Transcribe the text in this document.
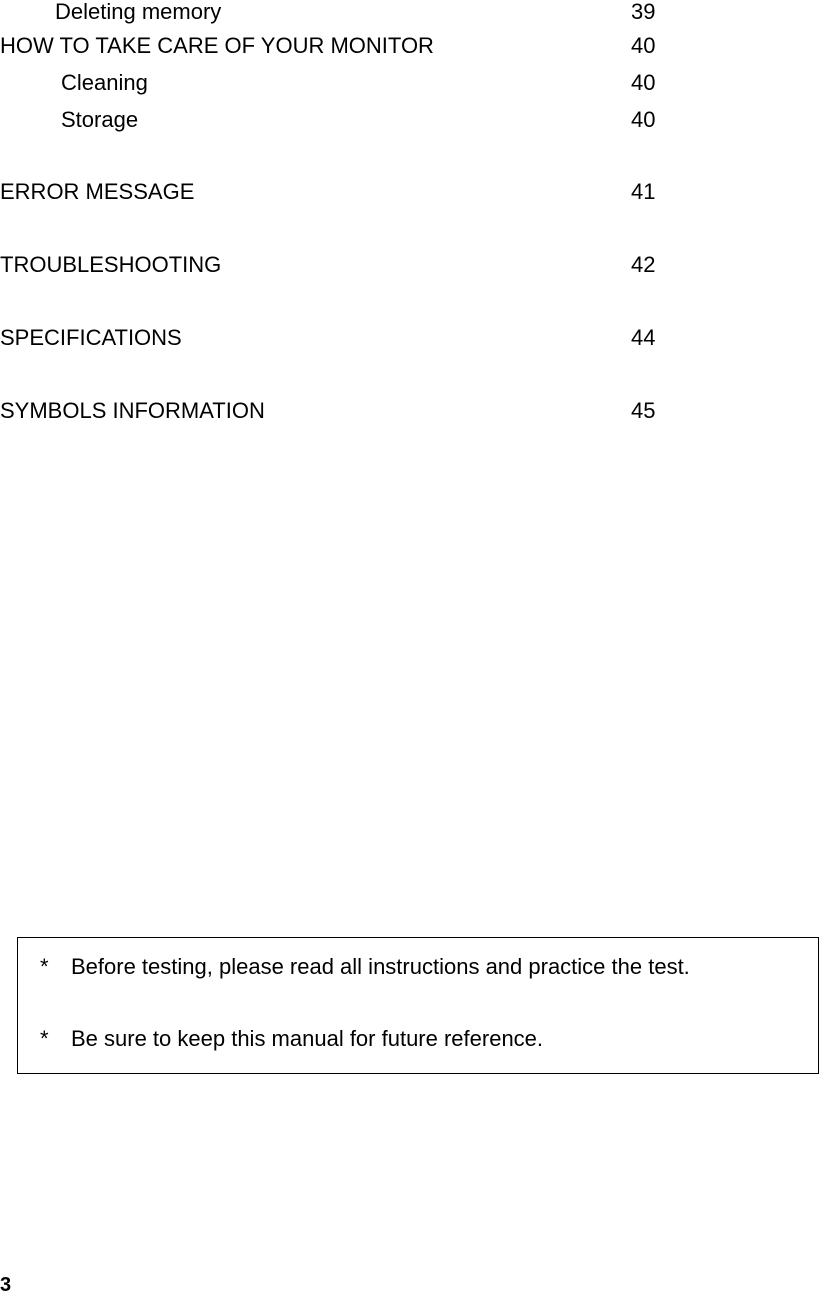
Deleting memory	39
HOW TO TAKE CARE OF YOUR MONITOR	40
Cleaning	40
Storage	40
ERROR MESSAGE	41
TROUBLESHOOTING	42
SPECIFICATIONS	44
SYMBOLS INFORMATION	45
* Before testing, please read all instructions and practice the test.
* Be sure to keep this manual for future reference.
3
